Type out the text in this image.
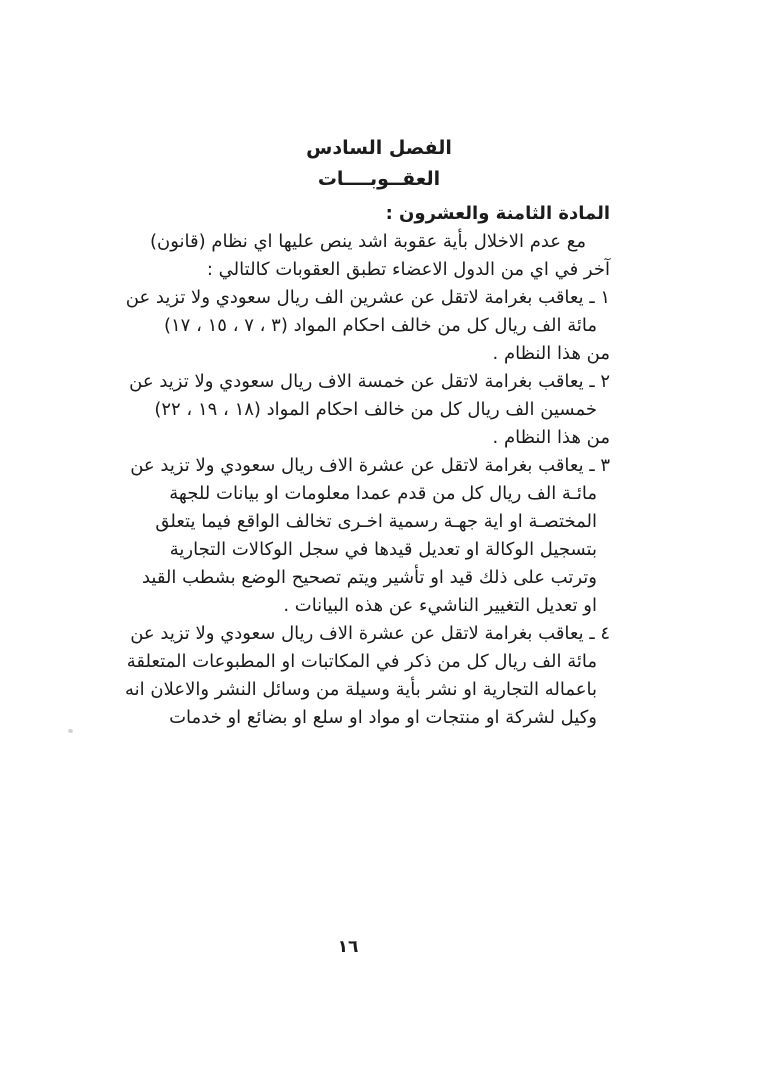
الفصل السادس
العقــوبــــات
المادة الثامنة والعشرون :
مع عدم الاخلال بأية عقوبة اشد ينص عليها اي نظام (قانون)
آخر في اي من الدول الاعضاء تطبق العقوبات كالتالي :
١ ـ يعاقب بغرامة لاتقل عن عشرين الف ريال سعودي ولا تزيد عن
مائة الف ريال كل من خالف احكام المواد (٣ ، ٧ ، ١٥ ، ١٧)
من هذا النظام .
٢ ـ يعاقب بغرامة لاتقل عن خمسة الاف ريال سعودي ولا تزيد عن
خمسين الف ريال كل من خالف احكام المواد (١٨ ، ١٩ ، ٢٢)
من هذا النظام .
٣ ـ يعاقب بغرامة لاتقل عن عشرة الاف ريال سعودي ولا تزيد عن
مائـة الف ريال كل من قدم عمدا معلومات او بيانات للجهة
المختصـة او اية جهـة رسمية اخـرى تخالف الواقع فيما يتعلق
بتسجيل الوكالة او تعديل قيدها في سجل الوكالات التجارية
وترتب على ذلك قيد او تأشير ويتم تصحيح الوضع بشطب القيد
او تعديل التغيير الناشيء عن هذه البيانات .
٤ ـ يعاقب بغرامة لاتقل عن عشرة الاف ريال سعودي ولا تزيد عن
مائة الف ريال كل من ذكر في المكاتبات او المطبوعات المتعلقة
باعماله التجارية او نشر بأية وسيلة من وسائل النشر والاعلان انه
وكيل لشركة او منتجات او مواد او سلع او بضائع او خدمات
١٦
